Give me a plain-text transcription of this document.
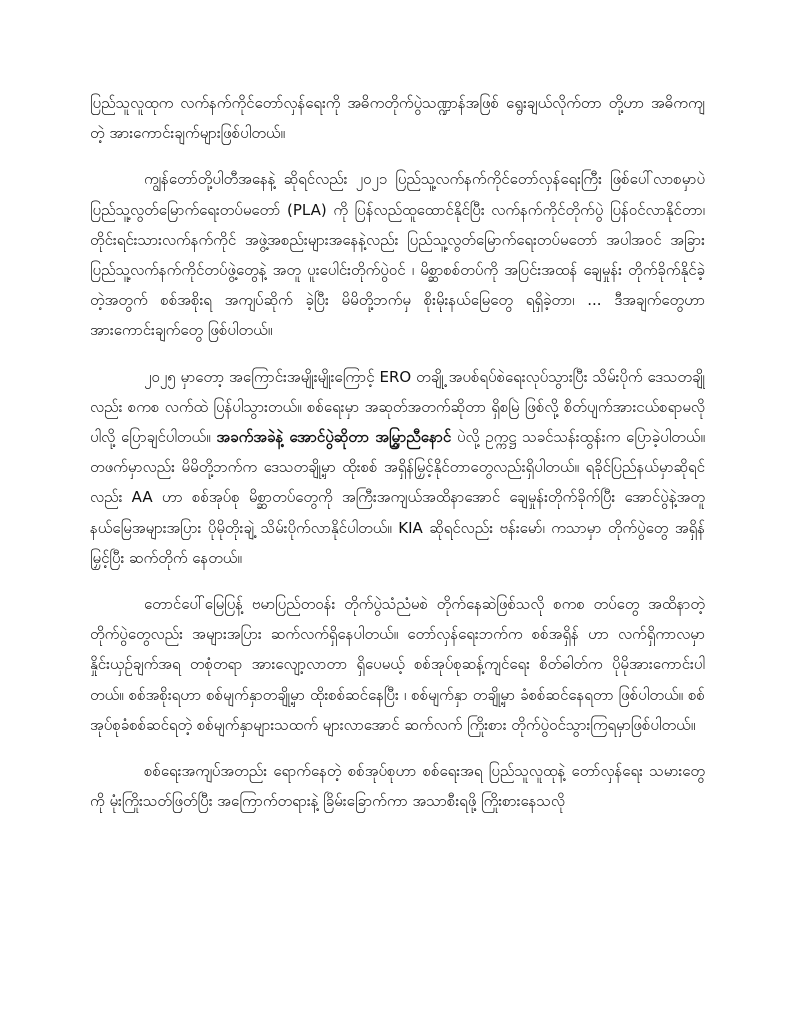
ပြည်သူလူထုက လက်နက်ကိုင်တော်လှန်ရေးကို အဓိကတိုက်ပွဲသဏ္ဍာန်အဖြစ် ရွေးချယ်လိုက်တာ တို့ဟာ အဓိကကျတဲ့ အားကောင်းချက်များဖြစ်ပါတယ်။

ကျွန်တော်တို့ပါတီအနေနဲ့ ဆိုရင်လည်း ၂၀၂၁ ပြည်သူ့လက်နက်ကိုင်တော်လှန်ရေးကြီး ဖြစ်ပေါ်လာစမှာပဲ ပြည်သူ့လွတ်မြောက်ရေးတပ်မတော် (PLA) ကို ပြန်လည်ထူထောင်နိုင်ပြီး လက်နက်ကိုင်တိုက်ပွဲ ပြန်ဝင်လာနိုင်တာ၊ တိုင်းရင်းသားလက်နက်ကိုင် အဖွဲ့အစည်းများအနေနဲ့လည်း ပြည်သူ့လွတ်မြောက်ရေးတပ်မတော် အပါအဝင် အခြား ပြည်သူ့လက်နက်ကိုင်တပ်ဖွဲ့တွေနဲ့ အတူ ပူးပေါင်းတိုက်ပွဲဝင် ၊ မိစ္ဆာစစ်တပ်ကို အပြင်းအထန် ချေမှုန်း တိုက်ခိုက်နိုင်ခဲ့တဲ့အတွက် စစ်အစိုးရ အကျပ်ဆိုက် ခဲ့ပြီး မိမိတို့ဘက်မှ စိုးမိုးနယ်မြေတွေ ရရှိခဲ့တာ၊ ... ဒီအချက်တွေဟာ အားကောင်းချက်တွေ ဖြစ်ပါတယ်။

၂၀၂၅ မှာတော့ အကြောင်းအမျိုးမျိုးကြောင့် ERO တချို့ အပစ်ရပ်စဲရေးလုပ်သွားပြီး သိမ်းပိုက် ဒေသတချို့လည်း စကစ လက်ထဲ ပြန်ပါသွားတယ်။ စစ်ရေးမှာ အဆုတ်အတက်ဆိုတာ ရှိစမြဲ ဖြစ်လို့ စိတ်ပျက်အားငယ်စရာမလိုပါလို့ ပြောချင်ပါတယ်။ အခက်အခဲနဲ့ အောင်ပွဲဆိုတာ အမြွှာညီနောင် ပဲလို့ ဥက္ကဋ္ဌ သခင်သန်းထွန်းက ပြောခဲ့ပါတယ်။ တဖက်မှာလည်း မိမိတို့ဘက်က ဒေသတချို့မှာ ထိုးစစ် အရှိန်မြှင့်နိုင်တာတွေလည်းရှိပါတယ်။ ရခိုင်ပြည်နယ်မှာဆိုရင်လည်း AA ဟာ စစ်အုပ်စု မိစ္ဆာတပ်တွေကို အကြီးအကျယ်အထိနာအောင် ချေမှုန်းတိုက်ခိုက်ပြီး အောင်ပွဲနဲ့အတူ နယ်မြေအများအပြား ပိုမိုတိုးချဲ့ သိမ်းပိုက်လာနိုင်ပါတယ်။ KIA ဆိုရင်လည်း ဗန်းမော်၊ ကသာမှာ တိုက်ပွဲတွေ အရှိန်မြှင့်ပြီး ဆက်တိုက် နေတယ်။

တောင်ပေါ်မြေပြန့် ဗမာပြည်တဝန်း တိုက်ပွဲသံညံမစဲ တိုက်နေဆဲဖြစ်သလို စကစ တပ်တွေ အထိနာတဲ့တိုက်ပွဲတွေလည်း အများအပြား ဆက်လက်ရှိနေပါတယ်။ တော်လှန်ရေးဘက်က စစ်အရှိန် ဟာ လက်ရှိကာလမှာ နှိုင်းယှဉ်ချက်အရ တစုံတရာ အားလျော့လာတာ ရှိပေမယ့် စစ်အုပ်စုဆန့်ကျင်ရေး စိတ်ဓါတ်က ပိုမိုအားကောင်းပါတယ်။ စစ်အစိုးရဟာ စစ်မျက်နှာတချို့မှာ ထိုးစစ်ဆင်နေပြီး ၊ စစ်မျက်နှာ တချို့မှာ ခံစစ်ဆင်နေရတာ ဖြစ်ပါတယ်။ စစ်အုပ်စုခံစစ်ဆင်ရတဲ့ စစ်မျက်နှာများသထက် များလာအောင် ဆက်လက် ကြိုးစား တိုက်ပွဲဝင်သွားကြရမှာဖြစ်ပါတယ်။

စစ်ရေးအကျပ်အတည်း ရောက်နေတဲ့ စစ်အုပ်စုဟာ စစ်ရေးအရ ပြည်သူလူထုနဲ့ တော်လှန်ရေး သမားတွေကို မုံးကြိုးသတ်ဖြတ်ပြီး အကြောက်တရားနဲ့ ခြိမ်းခြောက်ကာ အသာစီးရဖို့ ကြိုးစားနေသလို
